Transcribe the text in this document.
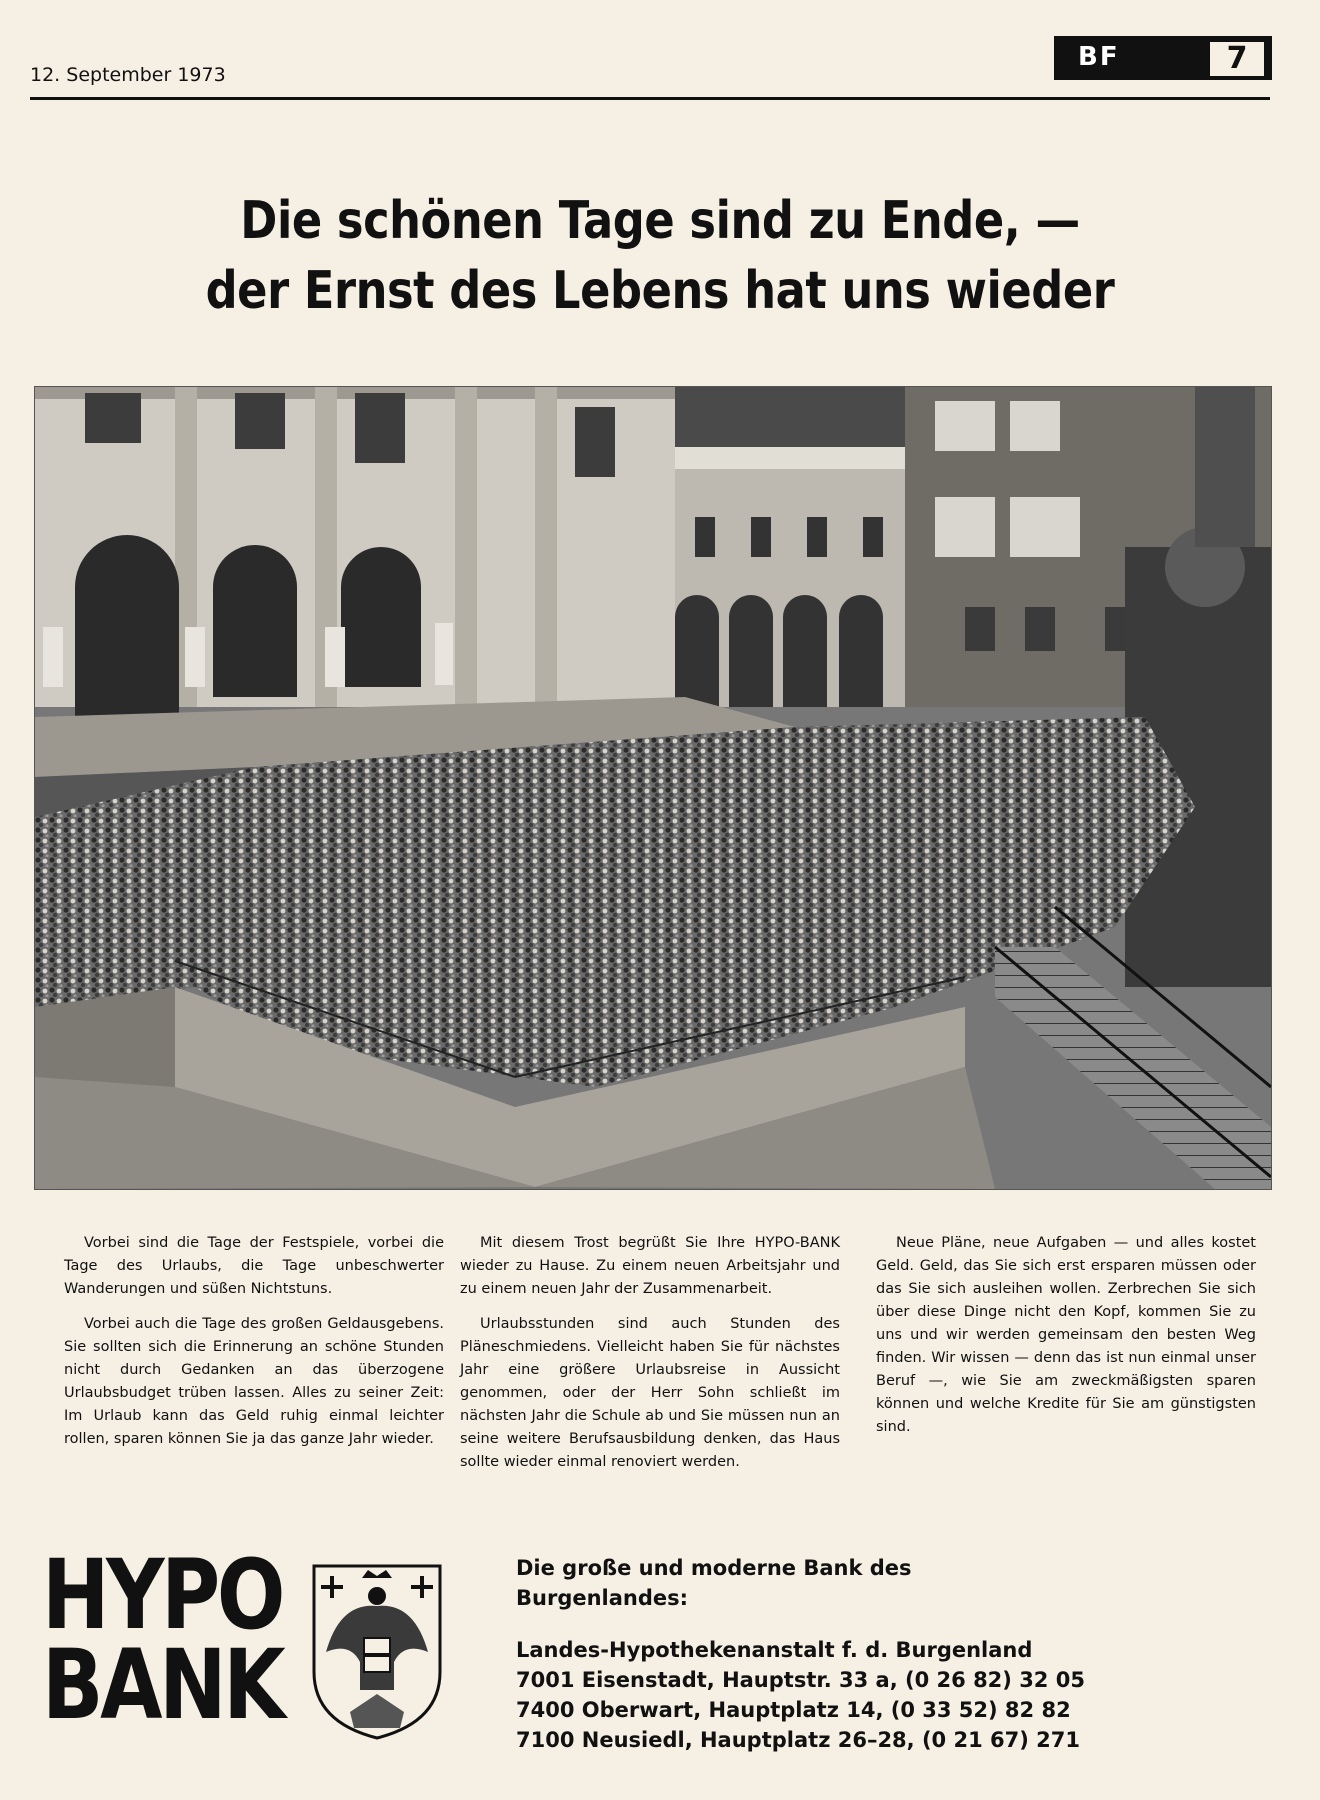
12. September 1973
BF	7
Die schönen Tage sind zu Ende, —
der Ernst des Lebens hat uns wieder

Vorbei sind die Tage der Festspiele, vorbei die Tage des Urlaubs, die Tage unbeschwerter Wanderungen und süßen Nichtstuns.

Vorbei auch die Tage des großen Geldausgebens. Sie sollten sich die Erinnerung an schöne Stunden nicht durch Gedanken an das überzogene Urlaubsbudget trüben lassen. Alles zu seiner Zeit: Im Urlaub kann das Geld ruhig einmal leichter rollen, sparen können Sie ja das ganze Jahr wieder.

Mit diesem Trost begrüßt Sie Ihre HYPO-BANK wieder zu Hause. Zu einem neuen Arbeitsjahr und zu einem neuen Jahr der Zusammenarbeit.

Urlaubsstunden sind auch Stunden des Pläneschmiedens. Vielleicht haben Sie für nächstes Jahr eine größere Urlaubsreise in Aussicht genommen, oder der Herr Sohn schließt im nächsten Jahr die Schule ab und Sie müssen nun an seine weitere Berufsausbildung denken, das Haus sollte wieder einmal renoviert werden.

Neue Pläne, neue Aufgaben — und alles kostet Geld. Geld, das Sie sich erst ersparen müssen oder das Sie sich ausleihen wollen. Zerbrechen Sie sich über diese Dinge nicht den Kopf, kommen Sie zu uns und wir werden gemeinsam den besten Weg finden. Wir wissen — denn das ist nun einmal unser Beruf —, wie Sie am zweckmäßigsten sparen können und welche Kredite für Sie am günstigsten sind.

HYPO
BANK
Die große und moderne Bank des Burgenlandes:
Landes-Hypothekenanstalt f. d. Burgenland
7001 Eisenstadt, Hauptstr. 33 a, (0 26 82) 32 05
7400 Oberwart, Hauptplatz 14, (0 33 52) 82 82
7100 Neusiedl, Hauptplatz 26–28, (0 21 67) 271
